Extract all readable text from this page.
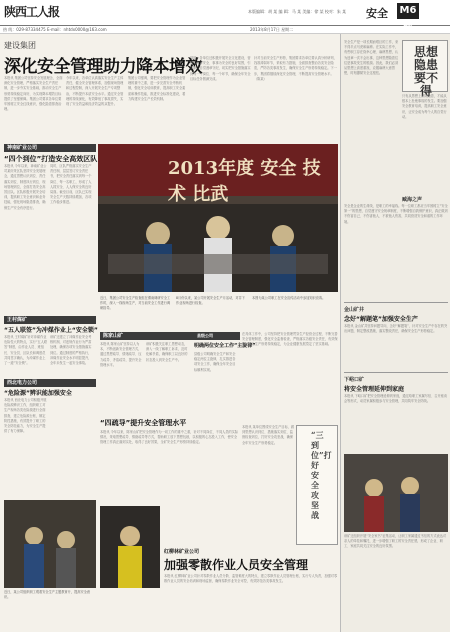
陕西工人报	本版编辑：胡 某 编 辑：马 某 美编：徐 某 校对：朱 某 安全 M6
热 线：029-87334475 E-mail：nhtdx0000@163.com	2013年8月17日 星期二
建设集团
深化安全管理助力降本增效
本报讯 集团公司坚持安全发展理念，全面深化安全管理，严格落实安全生产责任制，进一步夯实安全基础，推动安全生产形势持续稳定向好，为实现降本增效目标提供了坚强保障。集团公司要求各单位要牢固树立安全红线意识，强化隐患排查治理。
今年以来，各单位认真落实安全生产主体责任，健全安全管理体系，加强现场管理和过程控制，深入开展安全生产专项整治，不断提升本质安全水平。通过安全管理的持续深化，有效降低了事故损失，实现了安全效益和经济效益的双提升。
集团公司强调，要把安全管理作为企业管理的重中之重，进一步完善安全考核机制，强化安全培训教育，提高职工安全素质和操作技能，推进安全标准化建设，着力构建安全生产长效机制。
同时，各单位还积极开展安全文化建设，营造人人讲安全、事事为安全的良好氛围，引导职工自觉遵章守纪，切实把安全措施落实到每一个岗位、每一个环节，确保全年安全目标任务圆满完成。
针对当前安全生产形势，集团要求各单位要认真分析研判，找准薄弱环节，采取有力措施，全面排查整治各类安全隐患，严防各类事故发生，确保安全生产形势持续稳定。下一步，集团将继续深化安全管理，不断提高安全管理水平。（陈某）
神南矿业公司
“四个到位”打造安全高效区队
本报讯 今年以来，神南矿业公司某综采区队坚持安全发展理念，通过思想认识到位、责任落实到位、制度执行到位、现场管理到位，全面打造安全高效区队。区队积极开展安全培训，提高职工安全意识和业务技能，强化现场隐患排查，确保生产安全有序进行。
同时，区队严格落实安全生产责任制，层层签订安全责任书，把安全责任落实到每一个岗位、每一名职工，形成了人人抓安全、人人保安全的良好局面。截至目前，区队已实现安全生产天数持续增加，各项工作稳步推进。
王村煤矿
“五人联签”为冲煤作业上“安全锁”
本报讯 王村煤矿针对冲煤作业危险性大的特点，实行“五人联签”制度，由作业人员、班组长、安全员、区队长和调度员共同签字确认，为冲煤作业上了一道“安全锁”。
西北电力公司
“危险源”辨识能加强安全
本报讯 西北电力公司积极开展危险源辨识工作，组织职工对生产现场各类危险源进行全面排查，建立危险源台账，制定防控措施，有效提升了职工的安全防范能力，为安全生产提供了有力保障。
该矿还建立了冲煤作业安全考核机制，对违规作业行为严肃处理，确保各项安全措施落实到位。通过制度的严格执行，冲煤作业安全水平明显提升，全年未发生一起安全事故。
2013年度 安全 技术 比武
近日，集团公司安全生产检查组在渭南调研安全工作时，深入一线现场生产，对当前安全工作进行调研指导。
8月份以来，某公司开展安全生产月活动，对井下作业现场进行检查。
本图为某公司职工在安全宣传活动中参加知识竞赛。
陈家山矿
本报讯 陈家山矿坚持以人为本，不断创新安全管理方式，通过思想疏导、情绪疏导、压力疏导、矛盾疏导，提升安全管理水平。
该矿积极关注职工思想动态，深入一线了解职工诉求，及时化解矛盾，确保职工以良好的状态投入到安全生产中。
“四疏导”提升安全管理水平
本报讯 今年以来，陈家山矿把安全管理作为一切工作的重中之重，针对不同岗位、不同人员的实际情况，采取思想疏导、情绪疏导等方式，帮助职工放下思想包袱，以积极的心态投入工作，使安全管理工作真正落到实处，取得了良好效果，全矿安全生产形势持续稳定。
县级公司
明确两位安全工作“主旋律”
县级公司明确安全生产和安全稳定两位主旋律，扎实推进各项安全工作，确保全年安全目标顺利实现。
在具体工作中，公司坚持把安全管理贯穿生产经营全过程，不断完善安全管理制度，强化安全监督检查，严格落实各级安全责任，有效保障了安全生产形势持续稳定，为企业健康发展奠定了坚实基础。
“三到位”打好安全攻坚战
本报讯 某单位围绕安全生产目标，做到思想认识到位、措施落实到位、监督检查到位，打好安全攻坚战，确保全年安全生产形势稳定。
近日，某公司组织职工观看安全生产主题教育片，提高安全意识。
红柳林矿业公司
加强零散作业人员安全管理
本报讯 红柳林矿业公司针对零散作业人员分散、监管难度大的特点，建立零散作业人员管理台账，实行专人负责，加强对零散作业人员的安全培训和现场监督，确保零散作业安全可控，有效防范各类事故发生。
安全生产是一项长期而艰巨的工作，来不得半点马虎和麻痹。在实际工作中，有些职工存在侥幸心理、麻痹思想，认为违章一次不会出事，这种思想隐患往往是事故发生的根源。因此，我们必须从思想上高度重视，克服麻痹大意思想，时刻绷紧安全这根弦。
思想隐患要不得
只有从思想上消除隐患，才能从根本上杜绝事故的发生。要加强安全教育培训，提高职工安全意识，让安全成为每个人的自觉行动。
臧海之声
安全是企业的生命线，是职工的幸福线。每一位职工都应当牢固树立“安全第一”的思想，自觉遵守安全规章制度，不断增强自我保护意识，真正做到不伤害自己、不伤害他人、不被他人伤害，共同营造安全和谐的工作环境。
金山矿井
念好“解题笔”加强安全生产
本报讯 金山矿井坚持问题导向，念好“解题笔”，针对安全生产中存在的突出问题，制定整改措施，落实整改责任，确保安全生产形势稳定。
下峪口矿
将安全管理延伸到家庭
本报讯 下峪口矿把安全管理延伸到家庭，通过给职工家属写信、召开座谈会等形式，动员家属积极参与安全管理，共同筑牢安全防线。
该矿还组织开展“安全家书”征集活动，让职工家属通过书信的方式表达对亲人的牵挂和嘱托，进一步增强了职工的安全责任感，形成了企业、职工、家庭共同关注安全的良好氛围。
